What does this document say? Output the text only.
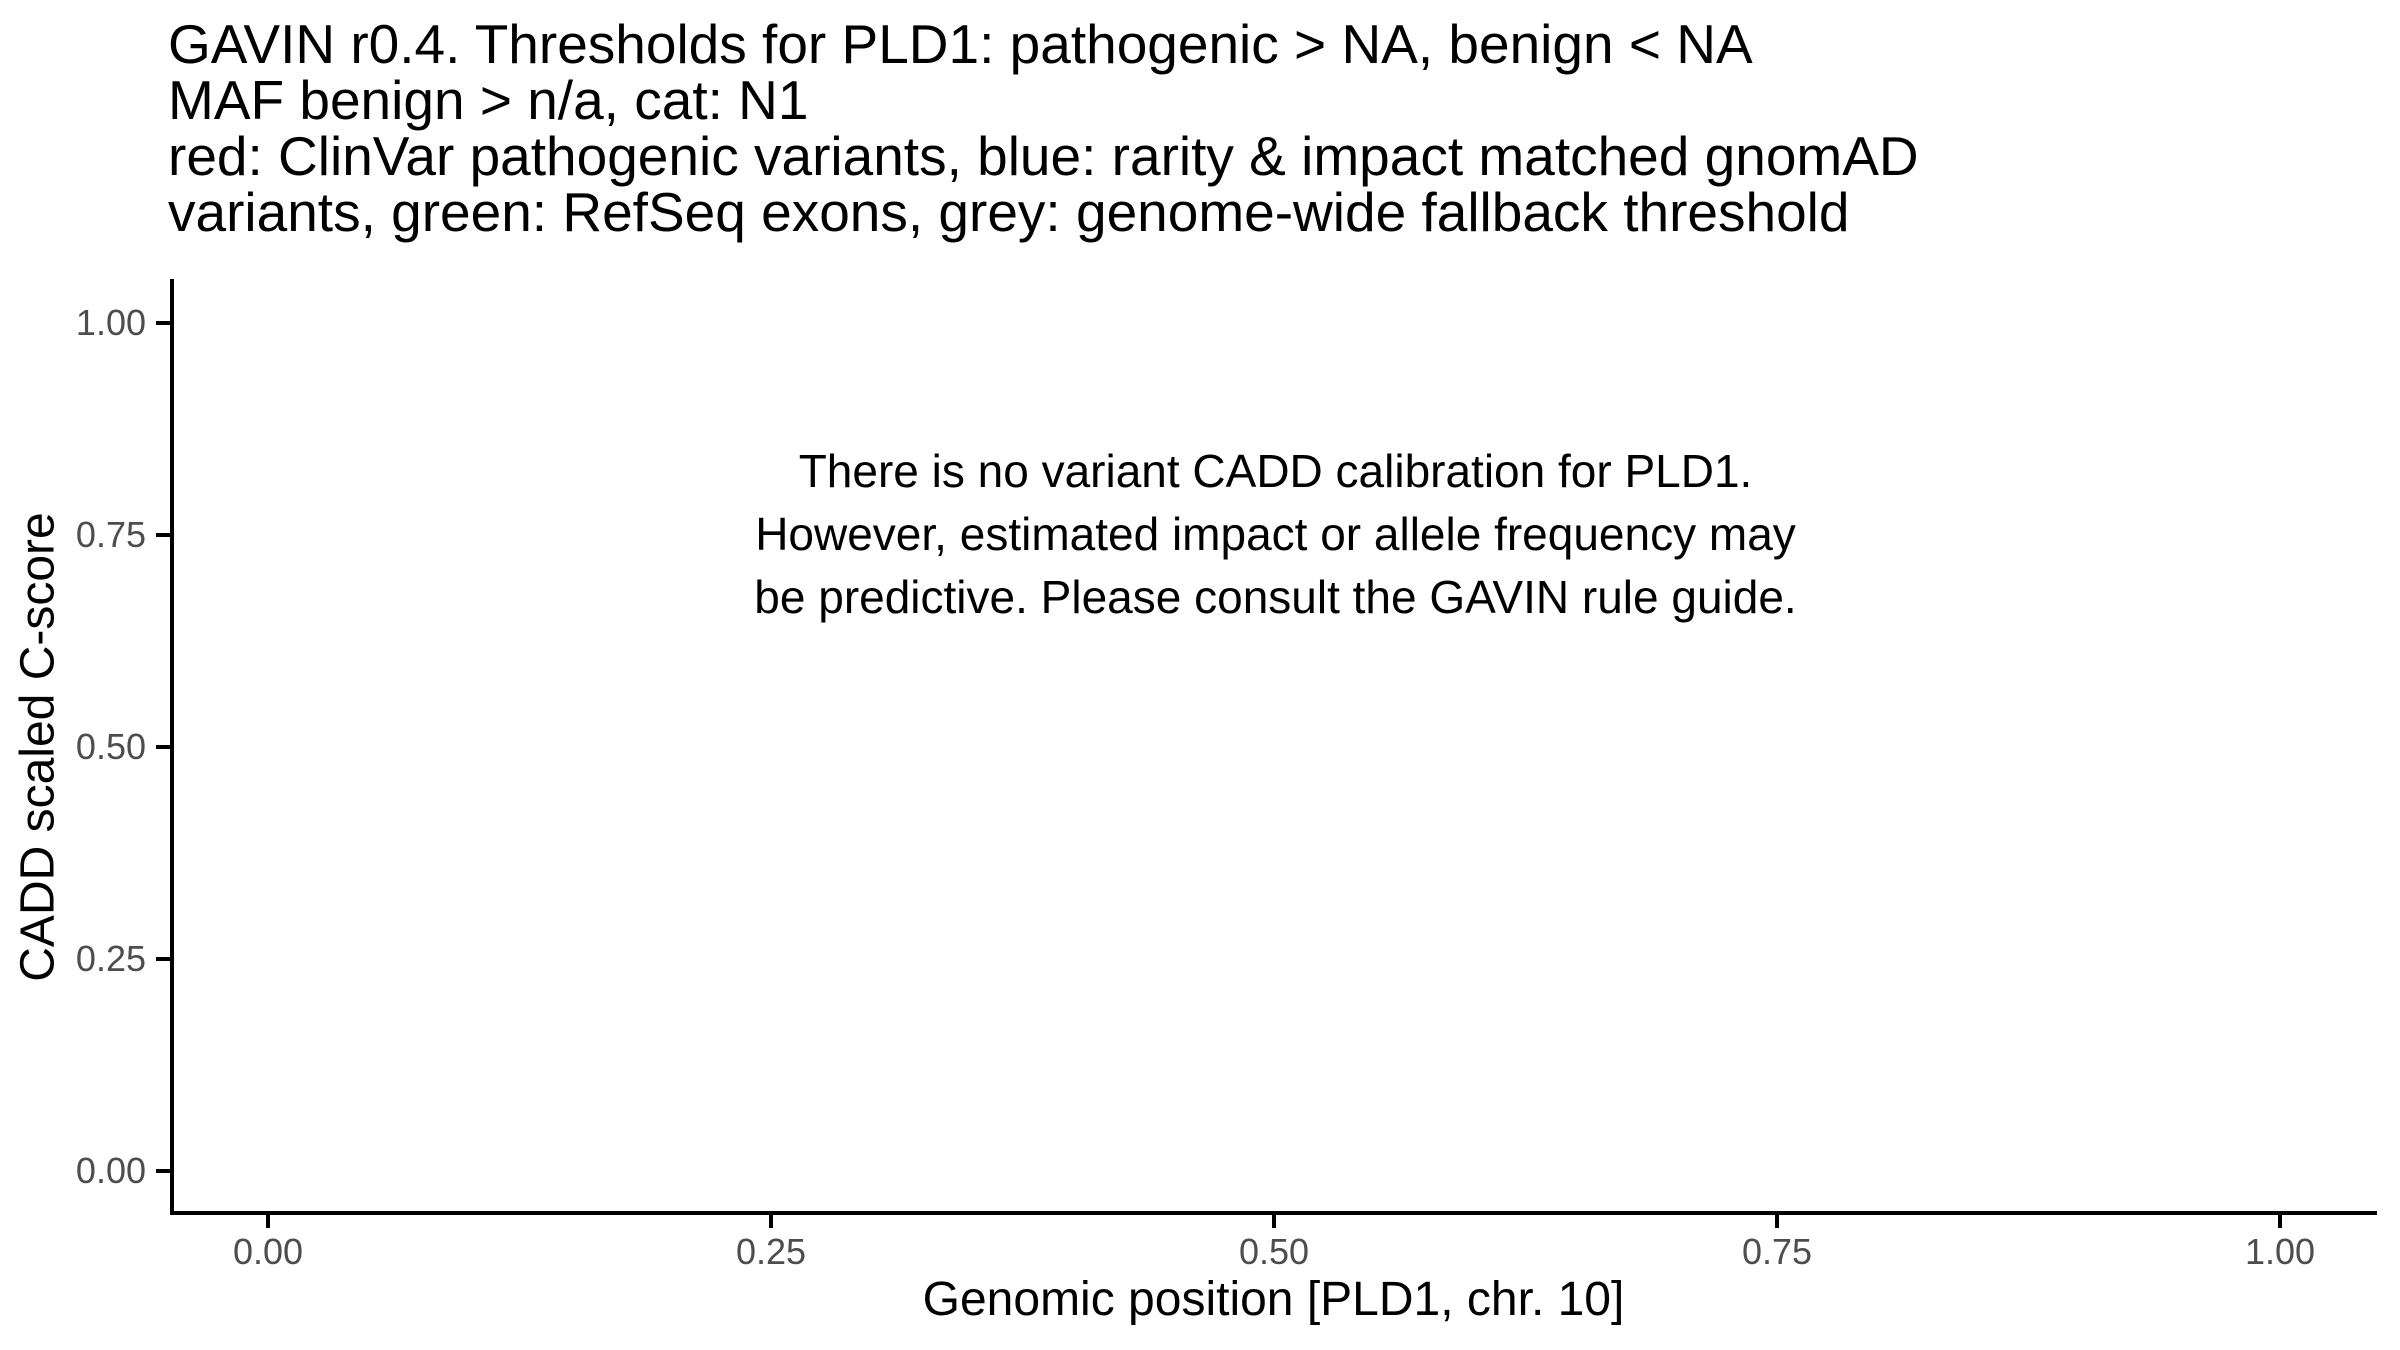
GAVIN r0.4. Thresholds for PLD1: pathogenic > NA, benign < NA
MAF benign > n/a, cat: N1
red: ClinVar pathogenic variants, blue: rarity & impact matched gnomAD
variants, green: RefSeq exons, grey: genome-wide fallback threshold
CADD scaled C-score
There is no variant CADD calibration for PLD1.
However, estimated impact or allele frequency may
be predictive. Please consult the GAVIN rule guide.
1.00
0.75
0.50
0.25
0.00
0.00	0.25	0.50	0.75	1.00
Genomic position [PLD1, chr. 10]
